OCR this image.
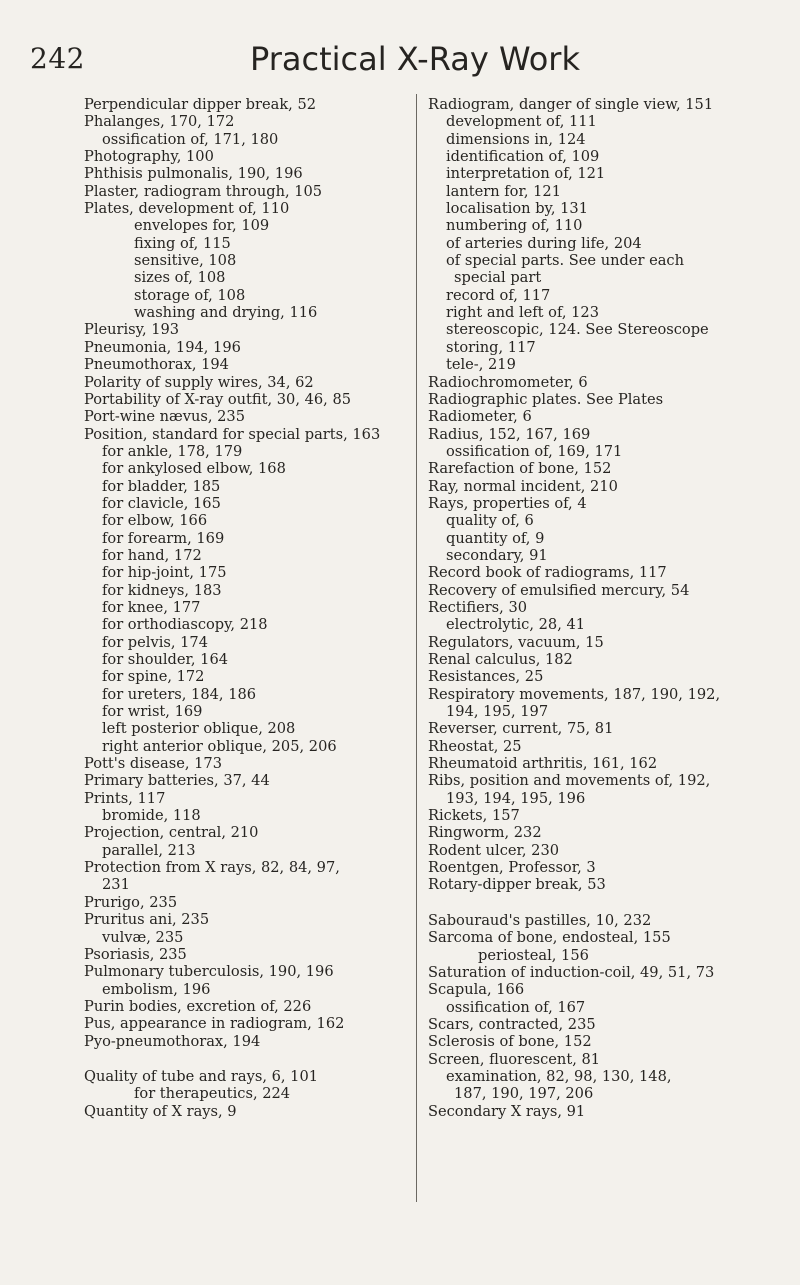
242	Practical X-Ray Work
Perpendicular dipper break, 52
Phalanges, 170, 172
ossification of, 171, 180
Photography, 100
Phthisis pulmonalis, 190, 196
Plaster, radiogram through, 105
Plates, development of, 110
envelopes for, 109
fixing of, 115
sensitive, 108
sizes of, 108
storage of, 108
washing and drying, 116
Pleurisy, 193
Pneumonia, 194, 196
Pneumothorax, 194
Polarity of supply wires, 34, 62
Portability of X-ray outfit, 30, 46, 85
Port-wine nævus, 235
Position, standard for special parts, 163
for ankle, 178, 179
for ankylosed elbow, 168
for bladder, 185
for clavicle, 165
for elbow, 166
for forearm, 169
for hand, 172
for hip-joint, 175
for kidneys, 183
for knee, 177
for orthodiascopy, 218
for pelvis, 174
for shoulder, 164
for spine, 172
for ureters, 184, 186
for wrist, 169
left posterior oblique, 208
right anterior oblique, 205, 206
Pott's disease, 173
Primary batteries, 37, 44
Prints, 117
bromide, 118
Projection, central, 210
parallel, 213
Protection from X rays, 82, 84, 97,
231
Prurigo, 235
Pruritus ani, 235
vulvæ, 235
Psoriasis, 235
Pulmonary tuberculosis, 190, 196
embolism, 196
Purin bodies, excretion of, 226
Pus, appearance in radiogram, 162
Pyo-pneumothorax, 194
Quality of tube and rays, 6, 101
for therapeutics, 224
Quantity of X rays, 9
Radiogram, danger of single view, 151
development of, 111
dimensions in, 124
identification of, 109
interpretation of, 121
lantern for, 121
localisation by, 131
numbering of, 110
of arteries during life, 204
of special parts. See under each
special part
record of, 117
right and left of, 123
stereoscopic, 124. See Stereoscope
storing, 117
tele-, 219
Radiochromometer, 6
Radiographic plates. See Plates
Radiometer, 6
Radius, 152, 167, 169
ossification of, 169, 171
Rarefaction of bone, 152
Ray, normal incident, 210
Rays, properties of, 4
quality of, 6
quantity of, 9
secondary, 91
Record book of radiograms, 117
Recovery of emulsified mercury, 54
Rectifiers, 30
electrolytic, 28, 41
Regulators, vacuum, 15
Renal calculus, 182
Resistances, 25
Respiratory movements, 187, 190, 192,
194, 195, 197
Reverser, current, 75, 81
Rheostat, 25
Rheumatoid arthritis, 161, 162
Ribs, position and movements of, 192,
193, 194, 195, 196
Rickets, 157
Ringworm, 232
Rodent ulcer, 230
Roentgen, Professor, 3
Rotary-dipper break, 53
Sabouraud's pastilles, 10, 232
Sarcoma of bone, endosteal, 155
periosteal, 156
Saturation of induction-coil, 49, 51, 73
Scapula, 166
ossification of, 167
Scars, contracted, 235
Sclerosis of bone, 152
Screen, fluorescent, 81
examination, 82, 98, 130, 148,
187, 190, 197, 206
Secondary X rays, 91
